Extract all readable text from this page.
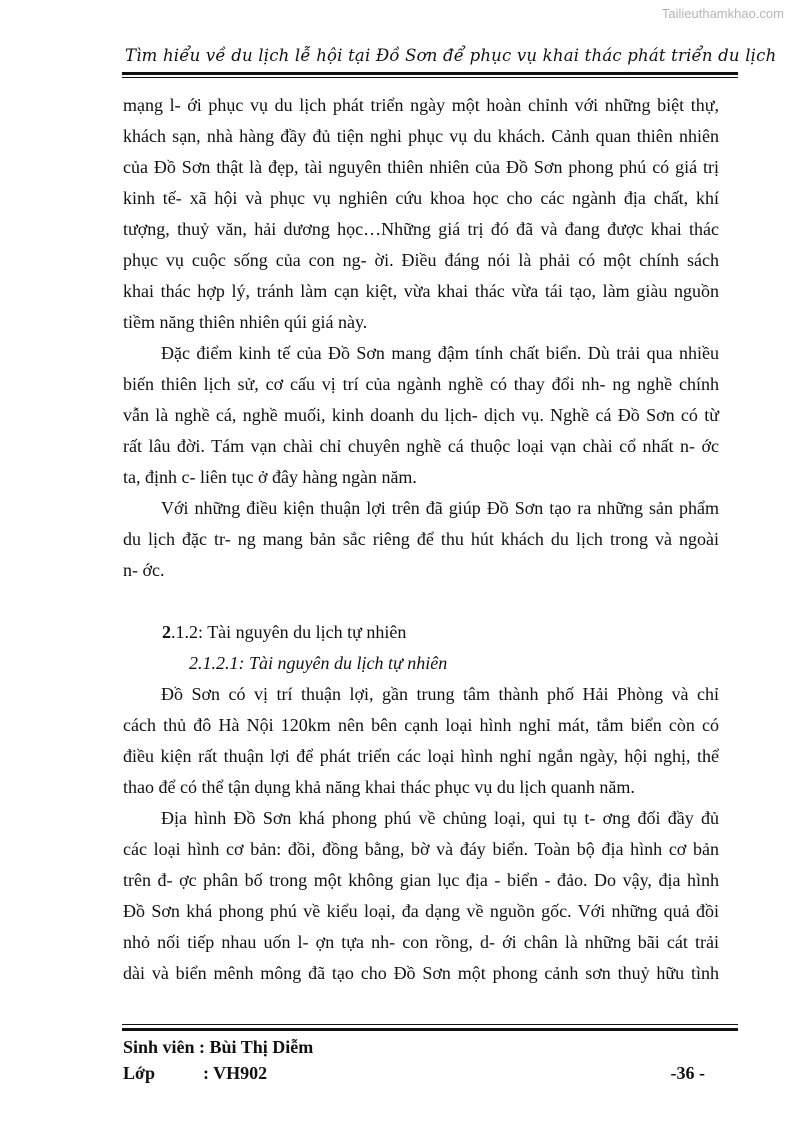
Tailieuthamkhao.com
Tìm hiểu về du lịch lễ hội tại Đồ Sơn để phục vụ khai thác phát triển du lịch

mạng l- ới phục vụ du lịch phát triển ngày một hoàn chỉnh với những biệt thự,
khách sạn, nhà hàng đầy đủ tiện nghi phục vụ du khách. Cảnh quan thiên nhiên
của Đồ Sơn thật là đẹp, tài nguyên thiên nhiên của Đồ Sơn phong phú có giá trị
kinh tế- xã hội và phục vụ nghiên cứu khoa học cho các ngành địa chất, khí
tượng, thuỷ văn, hải dương học…Những giá trị đó đã và đang được khai thác
phục vụ cuộc sống của con ng- ời. Điều đáng nói là phải có một chính sách
khai thác hợp lý, tránh làm cạn kiệt, vừa khai thác vừa tái tạo, làm giàu nguồn
tiềm năng thiên nhiên qúi giá này.

Đặc điểm kinh tế của Đồ Sơn mang đậm tính chất biển. Dù trải qua nhiều
biến thiên lịch sử, cơ cấu vị trí của ngành nghề có thay đổi nh- ng nghề chính
vẫn là nghề cá, nghề muối, kinh doanh du lịch- dịch vụ. Nghề cá Đồ Sơn có từ
rất lâu đời. Tám vạn chài chỉ chuyên nghề cá thuộc loại vạn chài cổ nhất n- ớc
ta, định c- liên tục ở đây hàng ngàn năm.

Với những điều kiện thuận lợi trên đã giúp Đồ Sơn tạo ra những sản phẩm
du lịch đặc tr- ng mang bản sắc riêng để thu hút khách du lịch trong và ngoài
n- ớc.

2.1.2: Tài nguyên du lịch tự nhiên

2.1.2.1: Tài nguyên du lịch tự nhiên

Đồ Sơn có vị trí thuận lợi, gần trung tâm thành phố Hải Phòng và chỉ
cách thủ đô Hà Nội 120km nên bên cạnh loại hình nghỉ mát, tắm biển còn có
điều kiện rất thuận lợi để phát triển các loại hình nghỉ ngắn ngày, hội nghị, thể
thao để có thể tận dụng khả năng khai thác phục vụ du lịch quanh năm.

Địa hình Đồ Sơn khá phong phú về chủng loại, qui tụ t- ơng đối đầy đủ
các loại hình cơ bản: đồi, đồng bằng, bờ và đáy biển. Toàn bộ địa hình cơ bản
trên đ- ợc phân bố trong một không gian lục địa - biển - đảo. Do vậy, địa hình
Đồ Sơn khá phong phú về kiểu loại, đa dạng về nguồn gốc. Với những quả đồi
nhỏ nối tiếp nhau uốn l- ợn tựa nh- con rồng, d- ới chân là những bãi cát trải
dài và biển mênh mông đã tạo cho Đồ Sơn một phong cảnh sơn thuỷ hữu tình

Sinh viên
: Bùi Thị Diễm
Lớp	: VH902	-36 -
